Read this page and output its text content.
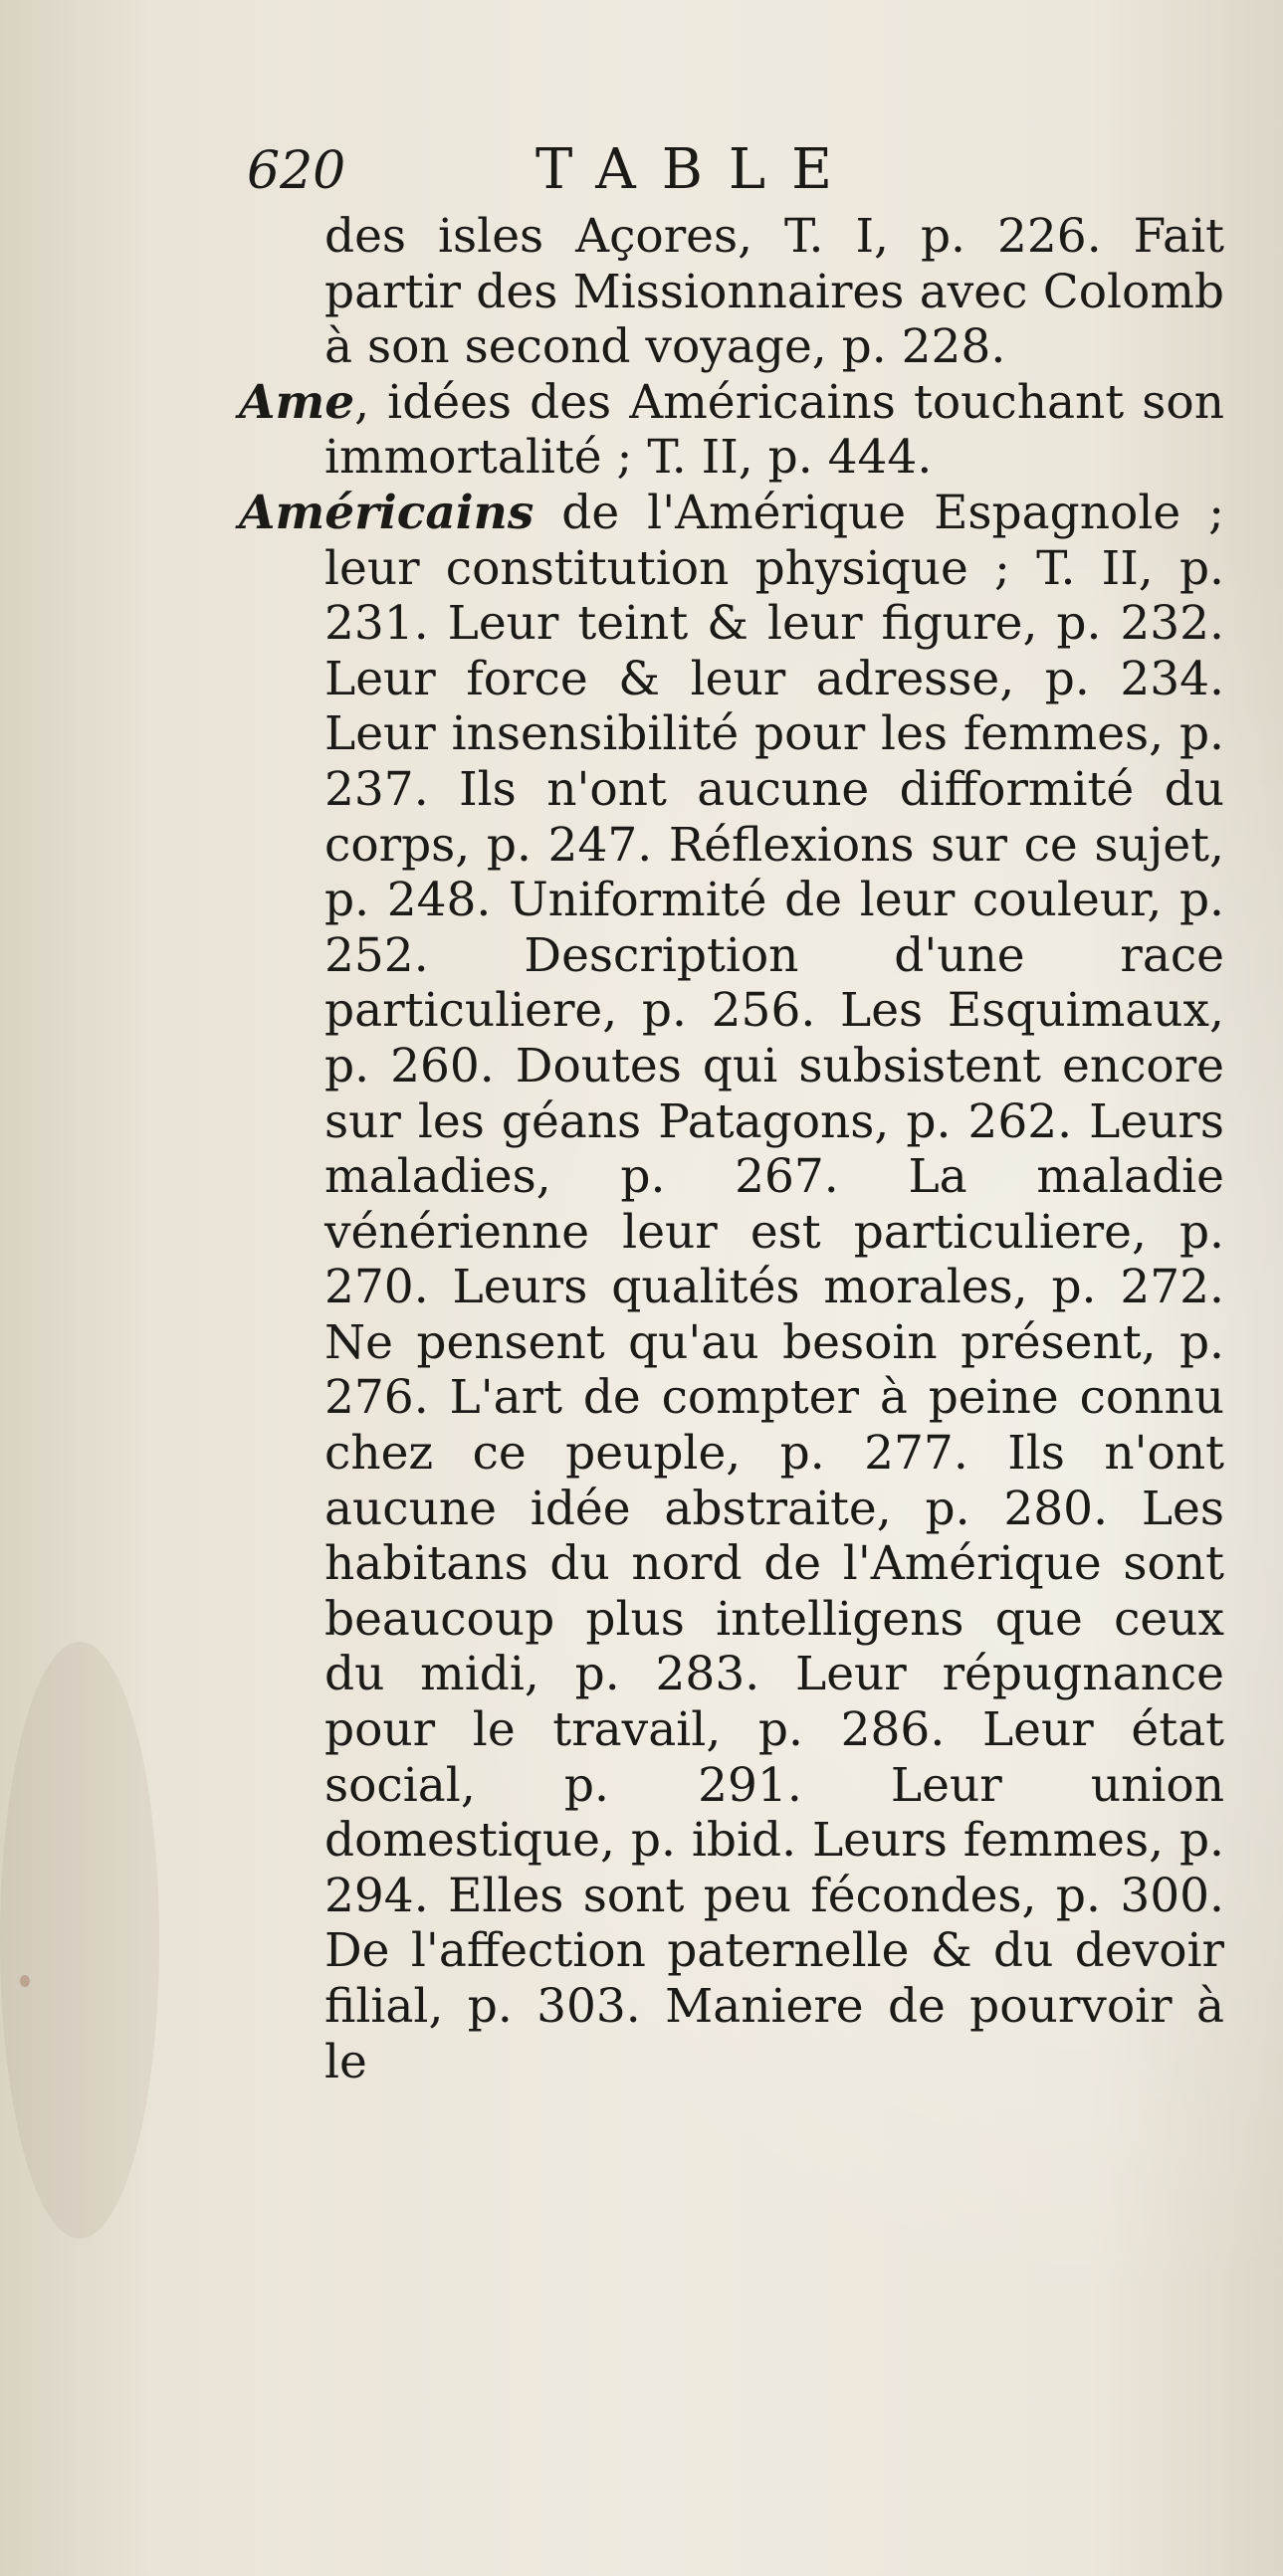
620	TABLE
des isles Açores, T. I, p. 226. Fait partir des Missionnaires avec Colomb à son second voyage, p. 228.
Ame, idées des Américains touchant son immortalité ; T. II, p. 444.
Américains de l'Amérique Espagnole ; leur constitution physique ; T. II, p. 231. Leur teint & leur figure, p. 232. Leur force & leur adresse, p. 234. Leur insensibilité pour les femmes, p. 237. Ils n'ont aucune difformité du corps, p. 247. Réflexions sur ce sujet, p. 248. Uniformité de leur couleur, p. 252. Description d'une race particuliere, p. 256. Les Esquimaux, p. 260. Doutes qui subsistent encore sur les géans Patagons, p. 262. Leurs maladies, p. 267. La maladie vénérienne leur est particuliere, p. 270. Leurs qualités morales, p. 272. Ne pensent qu'au besoin présent, p. 276. L'art de compter à peine connu chez ce peuple, p. 277. Ils n'ont aucune idée abstraite, p. 280. Les habitans du nord de l'Amérique sont beaucoup plus intelligens que ceux du midi, p. 283. Leur répugnance pour le travail, p. 286. Leur état social, p. 291. Leur union domestique, p. ibid. Leurs femmes, p. 294. Elles sont peu fécondes, p. 300. De l'affection paternelle & du devoir filial, p. 303. Maniere de pourvoir à le
